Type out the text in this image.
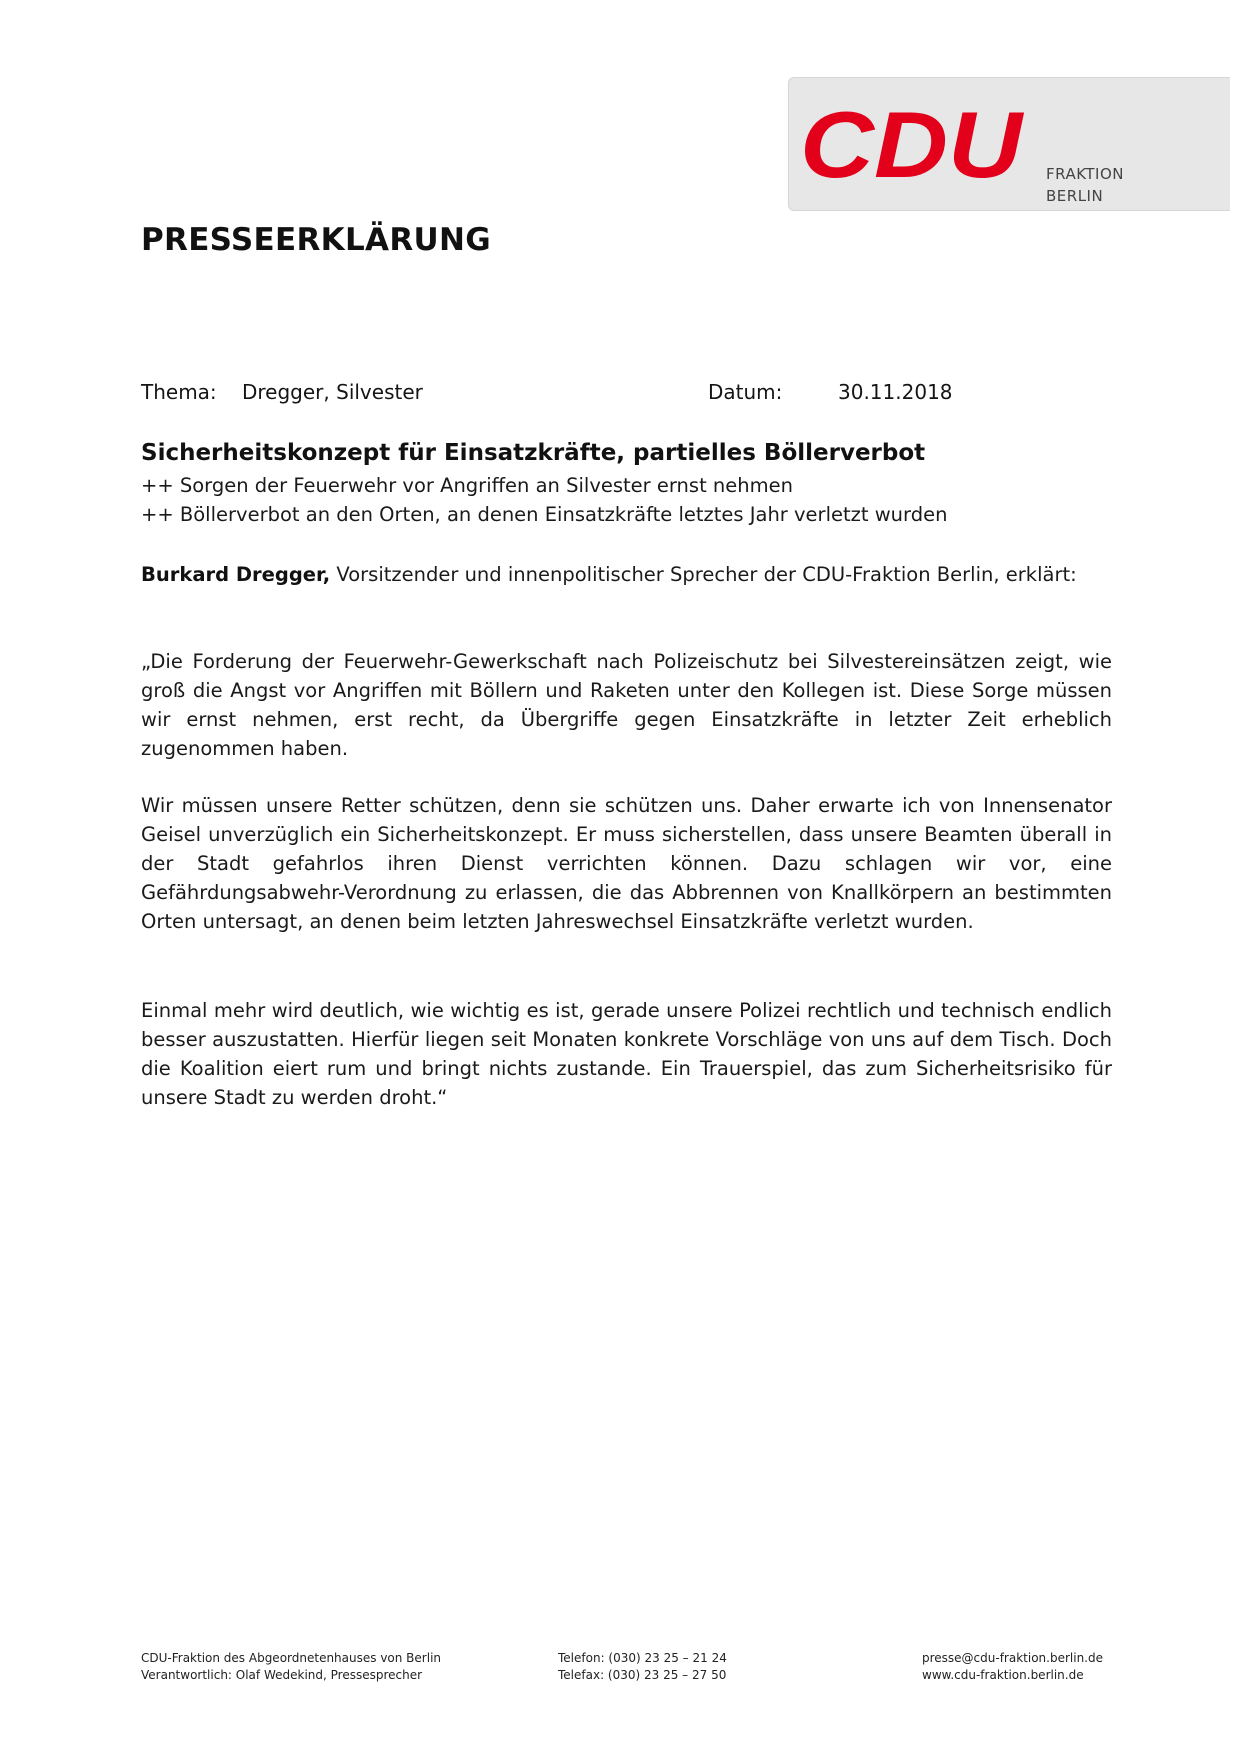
CDU FRAKTION
BERLIN
PRESSEERKLÄRUNG
Thema: Dregger, Silvester	Datum:	30.11.2018
Sicherheitskonzept für Einsatzkräfte, partielles Böllerverbot
++ Sorgen der Feuerwehr vor Angriffen an Silvester ernst nehmen
++ Böllerverbot an den Orten, an denen Einsatzkräfte letztes Jahr verletzt wurden

Burkard Dregger, Vorsitzender und innenpolitischer Sprecher der CDU-Fraktion Berlin, erklärt:

„Die Forderung der Feuerwehr-Gewerkschaft nach Polizeischutz bei Silvestereinsätzen zeigt, wie groß die Angst vor Angriffen mit Böllern und Raketen unter den Kollegen ist. Diese Sorge müssen wir ernst nehmen, erst recht, da Übergriffe gegen Einsatzkräfte in letzter Zeit erheblich zugenommen haben.

Wir müssen unsere Retter schützen, denn sie schützen uns. Daher erwarte ich von Innensenator Geisel unverzüglich ein Sicherheitskonzept. Er muss sicherstellen, dass unsere Beamten überall in der Stadt gefahrlos ihren Dienst verrichten können. Dazu schlagen wir vor, eine Gefährdungsabwehr-Verordnung zu erlassen, die das Abbrennen von Knallkörpern an bestimmten Orten untersagt, an denen beim letzten Jahreswechsel Einsatzkräfte verletzt wurden.

Einmal mehr wird deutlich, wie wichtig es ist, gerade unsere Polizei rechtlich und technisch endlich besser auszustatten. Hierfür liegen seit Monaten konkrete Vorschläge von uns auf dem Tisch. Doch die Koalition eiert rum und bringt nichts zustande. Ein Trauerspiel, das zum Sicherheitsrisiko für unsere Stadt zu werden droht.“

CDU-Fraktion des Abgeordnetenhauses von Berlin
Verantwortlich: Olaf Wedekind, Pressesprecher
Telefon: (030) 23 25 – 21 24
Telefax: (030) 23 25 – 27 50
presse@cdu-fraktion.berlin.de
www.cdu-fraktion.berlin.de
